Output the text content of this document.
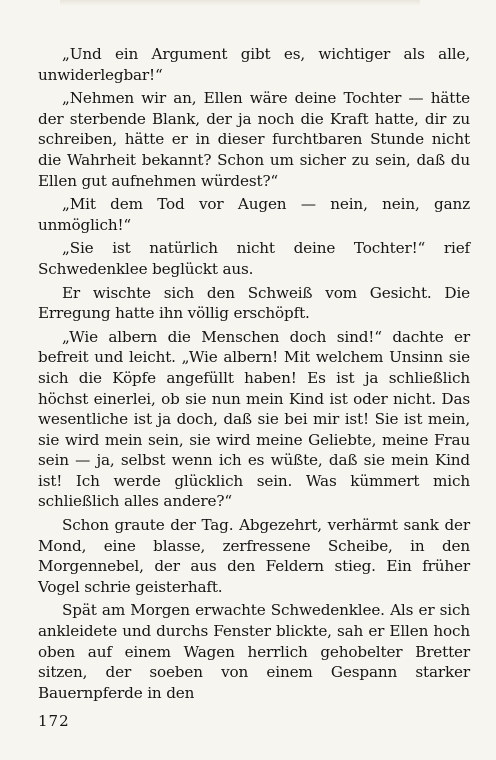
„Und ein Argument gibt es, wichtiger als alle, unwiderlegbar!“

„Nehmen wir an, Ellen wäre deine Tochter — hätte der sterbende Blank, der ja noch die Kraft hatte, dir zu schreiben, hätte er in dieser furchtbaren Stunde nicht die Wahrheit bekannt? Schon um sicher zu sein, daß du Ellen gut aufnehmen würdest?“

„Mit dem Tod vor Augen — nein, nein, ganz unmöglich!“

„Sie ist natürlich nicht deine Tochter!“ rief Schwedenklee beglückt aus.

Er wischte sich den Schweiß vom Gesicht. Die Erregung hatte ihn völlig erschöpft.

„Wie albern die Menschen doch sind!“ dachte er befreit und leicht. „Wie albern! Mit welchem Unsinn sie sich die Köpfe angefüllt haben! Es ist ja schließlich höchst einerlei, ob sie nun mein Kind ist oder nicht. Das wesentliche ist ja doch, daß sie bei mir ist! Sie ist mein, sie wird mein sein, sie wird meine Geliebte, meine Frau sein — ja, selbst wenn ich es wüßte, daß sie mein Kind ist! Ich werde glücklich sein. Was kümmert mich schließlich alles andere?“

Schon graute der Tag. Abgezehrt, verhärmt sank der Mond, eine blasse, zerfressene Scheibe, in den Morgennebel, der aus den Feldern stieg. Ein früher Vogel schrie geisterhaft.

Spät am Morgen erwachte Schwedenklee. Als er sich ankleidete und durchs Fenster blickte, sah er Ellen hoch oben auf einem Wagen herrlich gehobelter Bretter sitzen, der soeben von einem Gespann starker Bauernpferde in den

172
